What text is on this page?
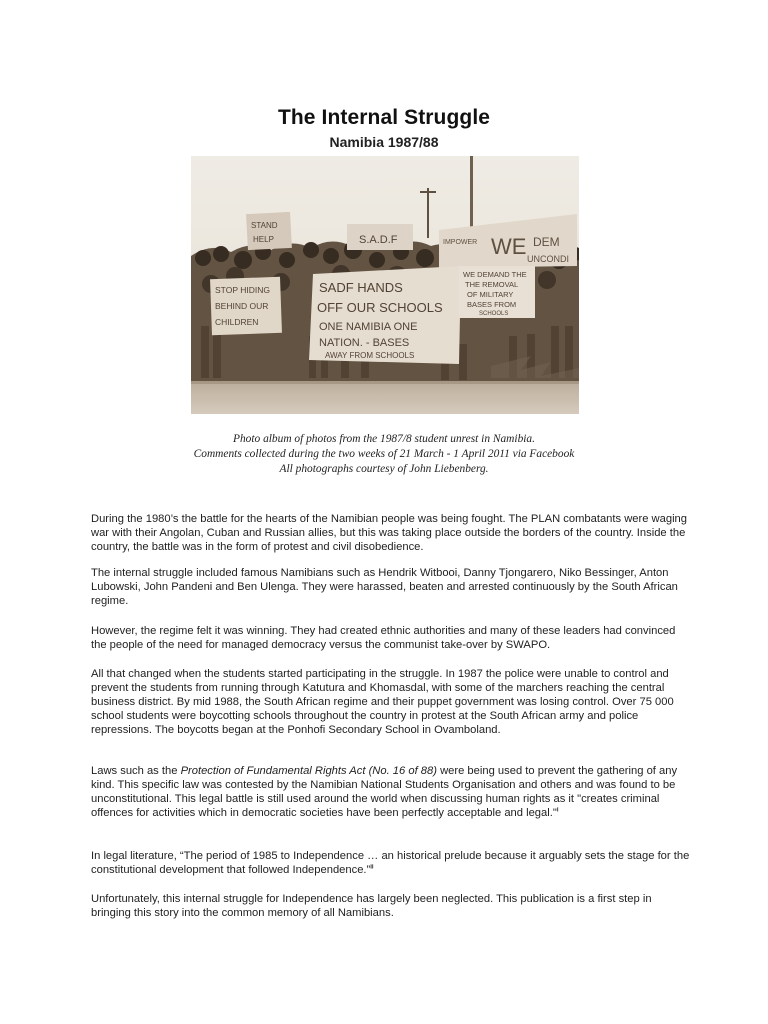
The Internal Struggle
Namibia 1987/88
STAND
HELP	S.A.D.F	IMPOWER WE DEM
UNCONDI
STOP HIDING
BEHIND OUR
CHILDREN
SADF HANDS
OFF OUR SCHOOLS
ONE NAMIBIA ONE
NATION. - BASES
AWAY FROM SCHOOLS
WE DEMAND THE
THE REMOVAL
OF MILITARY
BASES FROM
SCHOOLS
Photo album of photos from the 1987/8 student unrest in Namibia.
Comments collected during the two weeks of 21 March - 1 April 2011 via Facebook
All photographs courtesy of John Liebenberg.

During the 1980’s the battle for the hearts of the Namibian people was being fought. The PLAN combatants were waging war with their Angolan, Cuban and Russian allies, but this was taking place outside the borders of the country. Inside the country, the battle was in the form of protest and civil disobedience.

The internal struggle included famous Namibians such as Hendrik Witbooi, Danny Tjongarero, Niko Bessinger, Anton Lubowski, John Pandeni and Ben Ulenga. They were harassed, beaten and arrested continuously by the South African regime.

However, the regime felt it was winning. They had created ethnic authorities and many of these leaders had convinced the people of the need for managed democracy versus the communist take-over by SWAPO.

All that changed when the students started participating in the struggle. In 1987 the police were unable to control and prevent the students from running through Katutura and Khomasdal, with some of the marchers reaching the central business district. By mid 1988, the South African regime and their puppet government was losing control. Over 75 000 school students were boycotting schools throughout the country in protest at the South African army and police repressions. The boycotts began at the Ponhofi Secondary School in Ovamboland.

Laws such as the Protection of Fundamental Rights Act (No. 16 of 88) were being used to prevent the gathering of any kind. This specific law was contested by the Namibian National Students Organisation and others and was found to be unconstitutional. This legal battle is still used around the world when discussing human rights as it "creates criminal offences for activities which in democratic societies have been perfectly acceptable and legal."$^i$

In legal literature, “The period of 1985 to Independence … an historical prelude because it arguably sets the stage for the constitutional development that followed Independence.”$^{ii}$

Unfortunately, this internal struggle for Independence has largely been neglected. This publication is a first step in bringing this story into the common memory of all Namibians.
